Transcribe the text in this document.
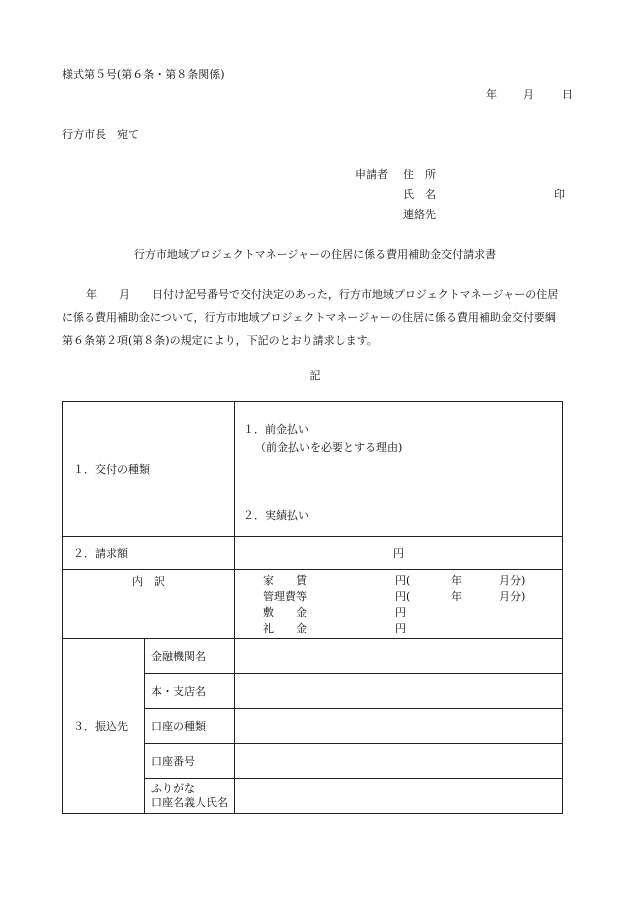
様式第５号(第６条・第８条関係)
年 月	日
行方市長　宛て
申請者 住　所
氏　名	印
連絡先
行方市地域プロジェクトマネージャーの住居に係る費用補助金交付請求書
年　　月　　日付け記号番号で交付決定のあった，行方市地域プロジェクトマネージャーの住居に係る費用補助金について，行方市地域プロジェクトマネージャーの住居に係る費用補助金交付要綱第６条第２項(第８条)の規定により，下記のとおり請求します。
記
１．交付の種類		１．前金払い
（前金払いを必要とする理由)
２．実績払い

２．請求額		円
内　訳		家　　賃 円( 年 月分)
管理費等 円( 年 月分)
敷　　金 円
礼　　金 円

３．振込先	金融機関名	
	本・支店名	
	口座の種類	
	口座番号	
	ふりがな
口座名義人氏名	
